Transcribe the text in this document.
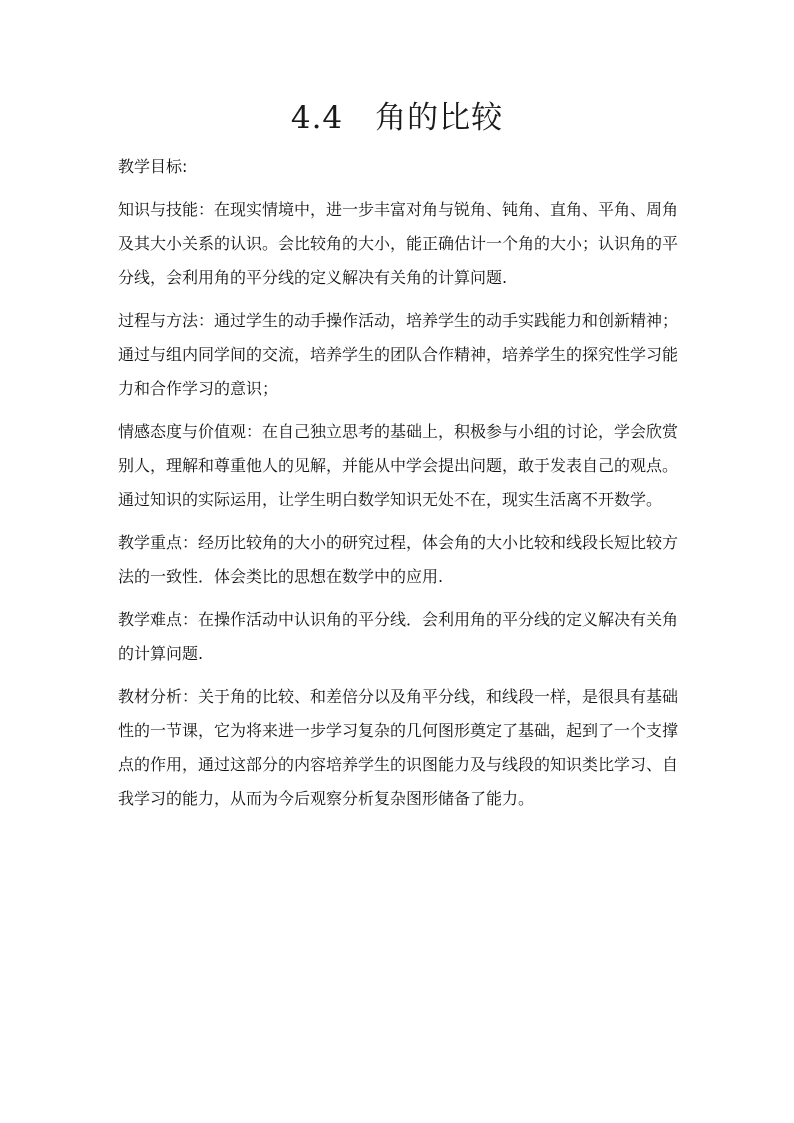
4.4　角的比较

教学目标:

知识与技能：在现实情境中，进一步丰富对角与锐角、钝角、直角、平角、周角及其大小关系的认识。会比较角的大小，能正确估计一个角的大小；认识角的平分线，会利用角的平分线的定义解决有关角的计算问题.

过程与方法：通过学生的动手操作活动，培养学生的动手实践能力和创新精神；通过与组内同学间的交流，培养学生的团队合作精神，培养学生的探究性学习能力和合作学习的意识；

情感态度与价值观：在自己独立思考的基础上，积极参与小组的讨论，学会欣赏别人，理解和尊重他人的见解，并能从中学会提出问题，敢于发表自己的观点。通过知识的实际运用，让学生明白数学知识无处不在，现实生活离不开数学。

教学重点：经历比较角的大小的研究过程，体会角的大小比较和线段长短比较方法的一致性．体会类比的思想在数学中的应用.

教学难点：在操作活动中认识角的平分线．会利用角的平分线的定义解决有关角的计算问题.

教材分析：关于角的比较、和差倍分以及角平分线，和线段一样，是很具有基础性的一节课，它为将来进一步学习复杂的几何图形奠定了基础，起到了一个支撑点的作用，通过这部分的内容培养学生的识图能力及与线段的知识类比学习、自我学习的能力，从而为今后观察分析复杂图形储备了能力。
